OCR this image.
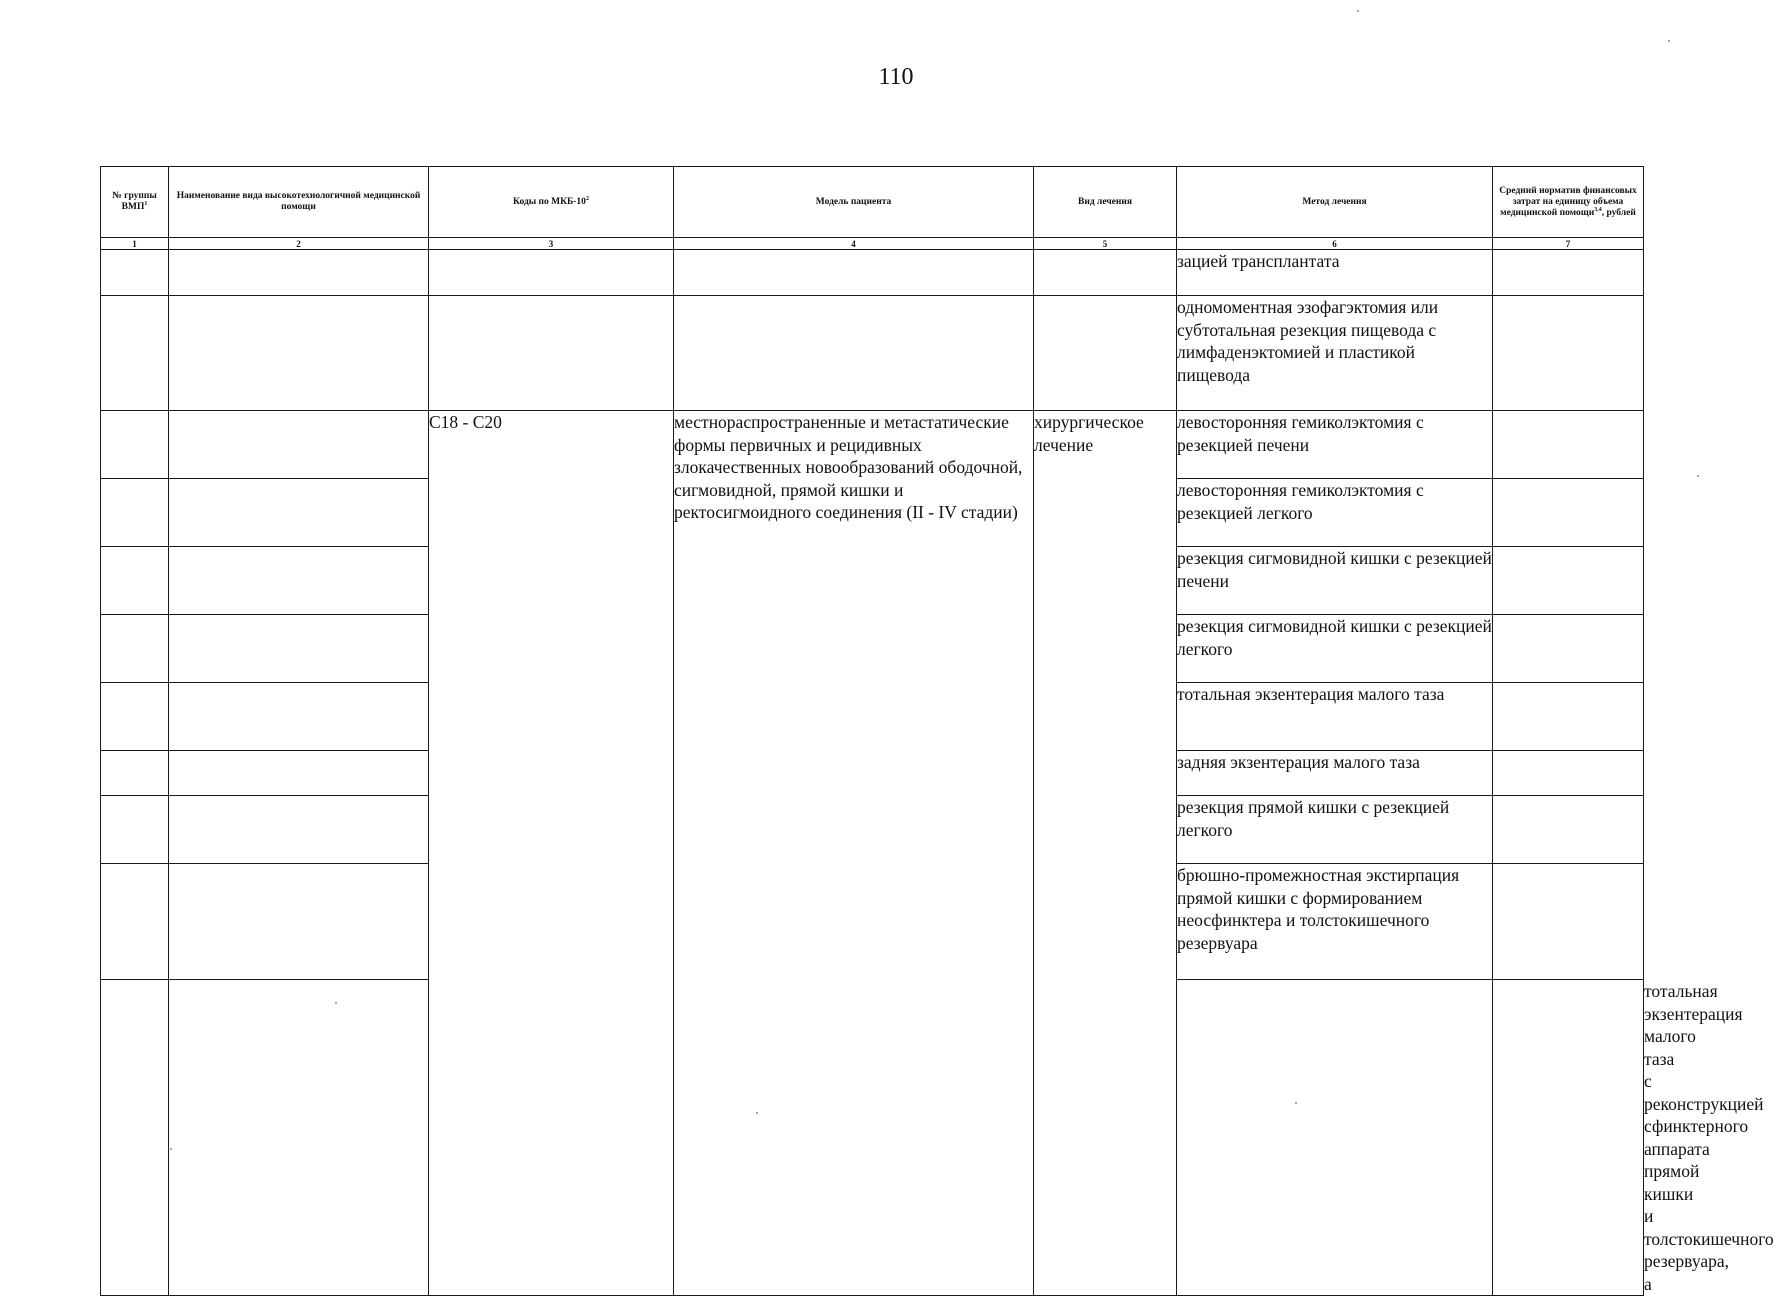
110
№ группы ВМП$^1$	Наименование вида высокотехнологичной медицинской помощи	Коды по МКБ-$10^2$	Модель пациента	Вид лечения	Метод лечения	Средний норматив финансовых затрат на единицу объема медицинской помощи$^{3,4}$, рублей	
1	2	3	4	5	6	7	
					зацией трансплантата		
					одномоментная эзофагэктомия или субтотальная резекция пищевода с лимфаденэктомией и пластикой пищевода		
		C18 - C20	местнораспространенные и метастатические формы первичных и рецидивных злокачественных новообразований ободочной, сигмовидной, прямой кишки и ректосигмоидного соединения (II - IV стадии)	хирургическое лечение	левосторонняя гемиколэктомия с резекцией печени		
					левосторонняя гемиколэктомия с резекцией легкого		
					резекция сигмовидной кишки с резекцией печени		
					резекция сигмовидной кишки с резекцией легкого		
					тотальная экзентерация малого таза		
					задняя экзентерация малого таза		
					резекция прямой кишки с резекцией легкого		
					брюшно-промежностная экстирпация прямой кишки с формированием неосфинктера и толстокишечного резервуара		
							тотальная экзентерация малого таза с реконструкцией сфинктерного аппарата прямой кишки и толстокишечного резервуара, а	
